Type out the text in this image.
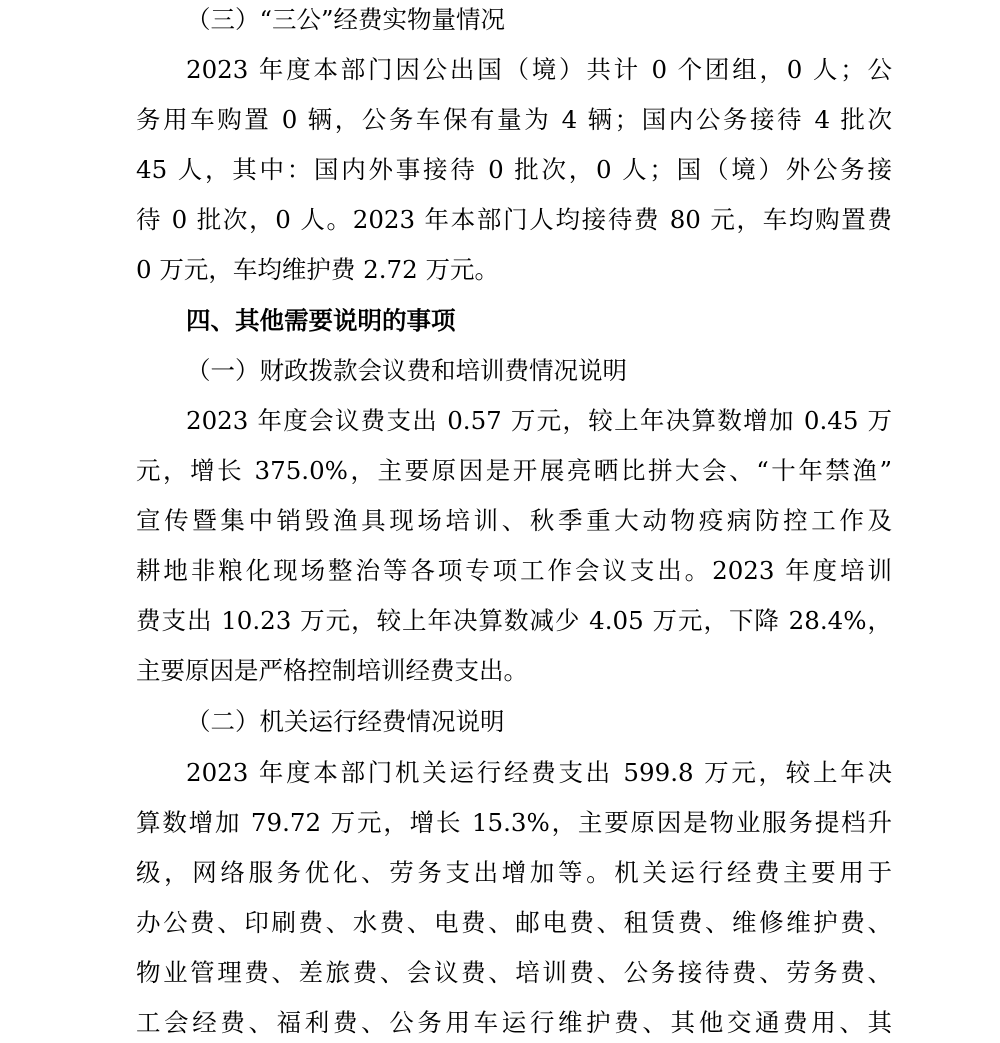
（三）“三公”经费实物量情况
2023 年度本部门因公出国（境）共计 0 个团组，0 人；公
务用车购置 0 辆，公务车保有量为 4 辆；国内公务接待 4 批次
45 人，其中：国内外事接待 0 批次，0 人；国（境）外公务接
待 0 批次，0 人。2023 年本部门人均接待费 80 元，车均购置费
0 万元，车均维护费 2.72 万元。
四、其他需要说明的事项
（一）财政拨款会议费和培训费情况说明
2023 年度会议费支出 0.57 万元，较上年决算数增加 0.45 万
元，增长 375.0%，主要原因是开展亮晒比拼大会、“十年禁渔”
宣传暨集中销毁渔具现场培训、秋季重大动物疫病防控工作及
耕地非粮化现场整治等各项专项工作会议支出。2023 年度培训
费支出 10.23 万元，较上年决算数减少 4.05 万元，下降 28.4%，
主要原因是严格控制培训经费支出。
（二）机关运行经费情况说明
2023 年度本部门机关运行经费支出 599.8 万元，较上年决
算数增加 79.72 万元，增长 15.3%，主要原因是物业服务提档升
级，网络服务优化、劳务支出增加等。机关运行经费主要用于
办公费、印刷费、水费、电费、邮电费、租赁费、维修维护费、
物业管理费、差旅费、会议费、培训费、公务接待费、劳务费、
工会经费、福利费、公务用车运行维护费、其他交通费用、其
